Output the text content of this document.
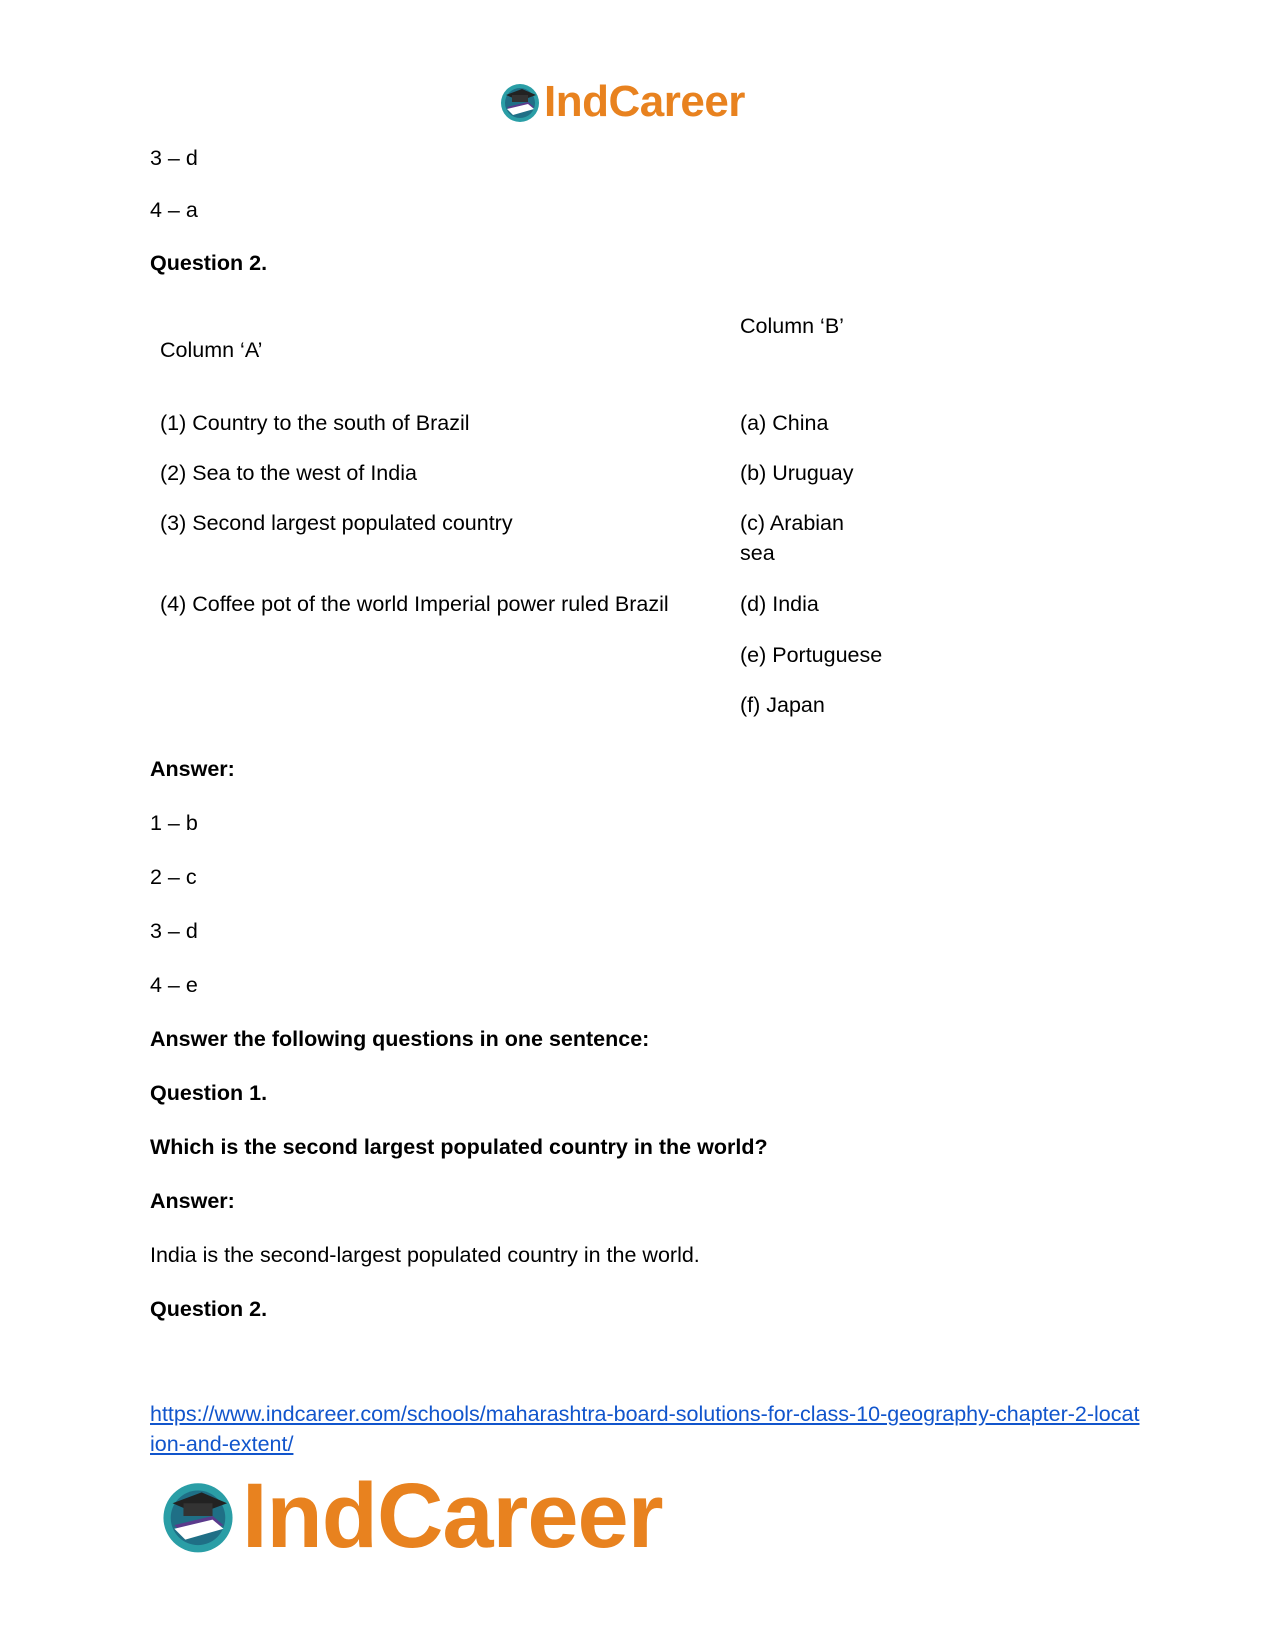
IndCareer
3 – d
4 – a
Question 2.
Column ‘B’
Column ‘A’
(1) Country to the south of Brazil
(2) Sea to the west of India
(3) Second largest populated country
(4) Coffee pot of the world Imperial power ruled Brazil
(a) China
(b) Uruguay
(c) Arabian sea
(d) India
(e) Portuguese
(f) Japan
Answer:
1 – b
2 – c
3 – d
4 – e
Answer the following questions in one sentence:
Question 1.
Which is the second largest populated country in the world?
Answer:
India is the second-largest populated country in the world.
Question 2.
https://www.indcareer.com/schools/maharashtra-board-solutions-for-class-10-geography-chapter-2-location-and-extent/
IndCareer
